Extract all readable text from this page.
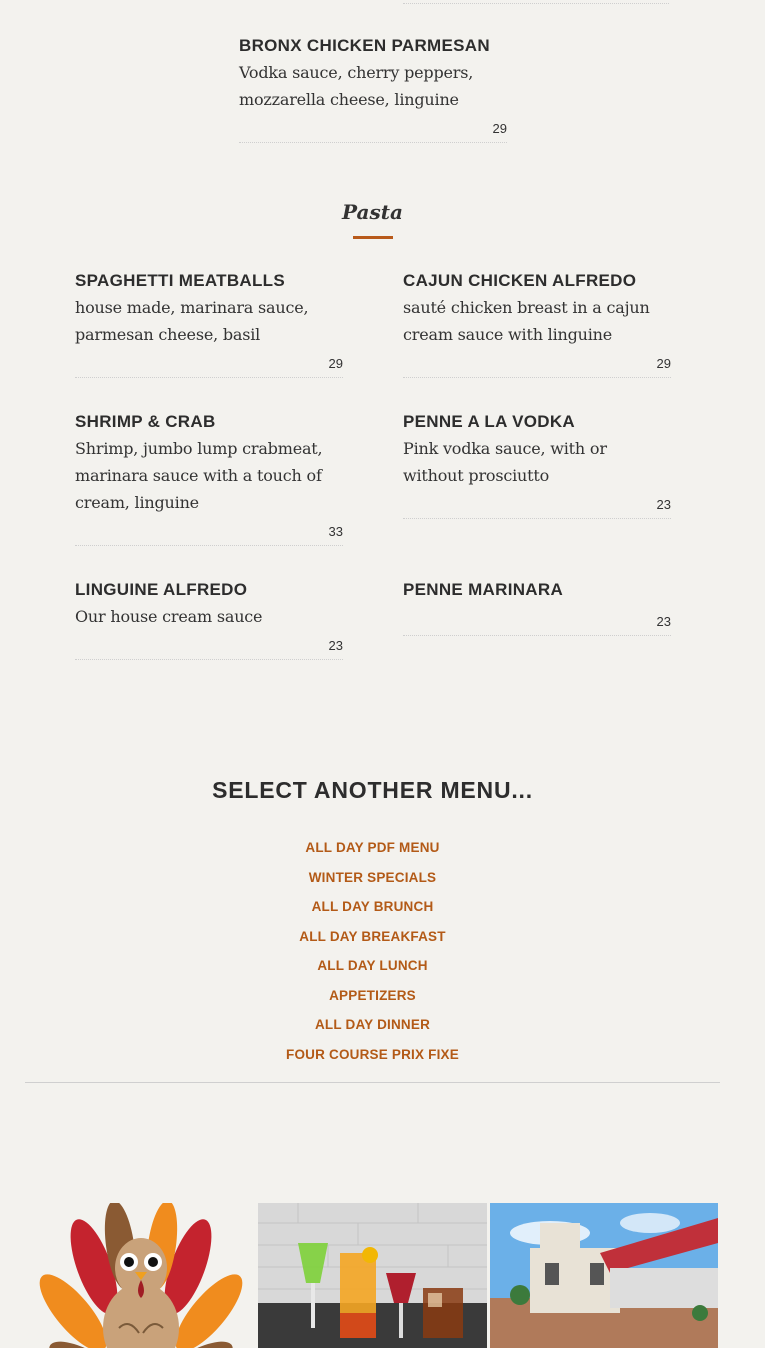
BRONX CHICKEN PARMESAN
Vodka sauce, cherry peppers, mozzarella cheese, linguine
29
Pasta
SPAGHETTI MEATBALLS
house made, marinara sauce, parmesan cheese, basil
29
CAJUN CHICKEN ALFREDO
sauté chicken breast in a cajun cream sauce with linguine
29
SHRIMP & CRAB
Shrimp, jumbo lump crabmeat, marinara sauce with a touch of cream, linguine
33
PENNE A LA VODKA
Pink vodka sauce, with or without prosciutto
23
LINGUINE ALFREDO
Our house cream sauce
23
PENNE MARINARA
23
SELECT ANOTHER MENU...
ALL DAY PDF MENU
WINTER SPECIALS
ALL DAY BRUNCH
ALL DAY BREAKFAST
ALL DAY LUNCH
APPETIZERS
ALL DAY DINNER
FOUR COURSE PRIX FIXE
